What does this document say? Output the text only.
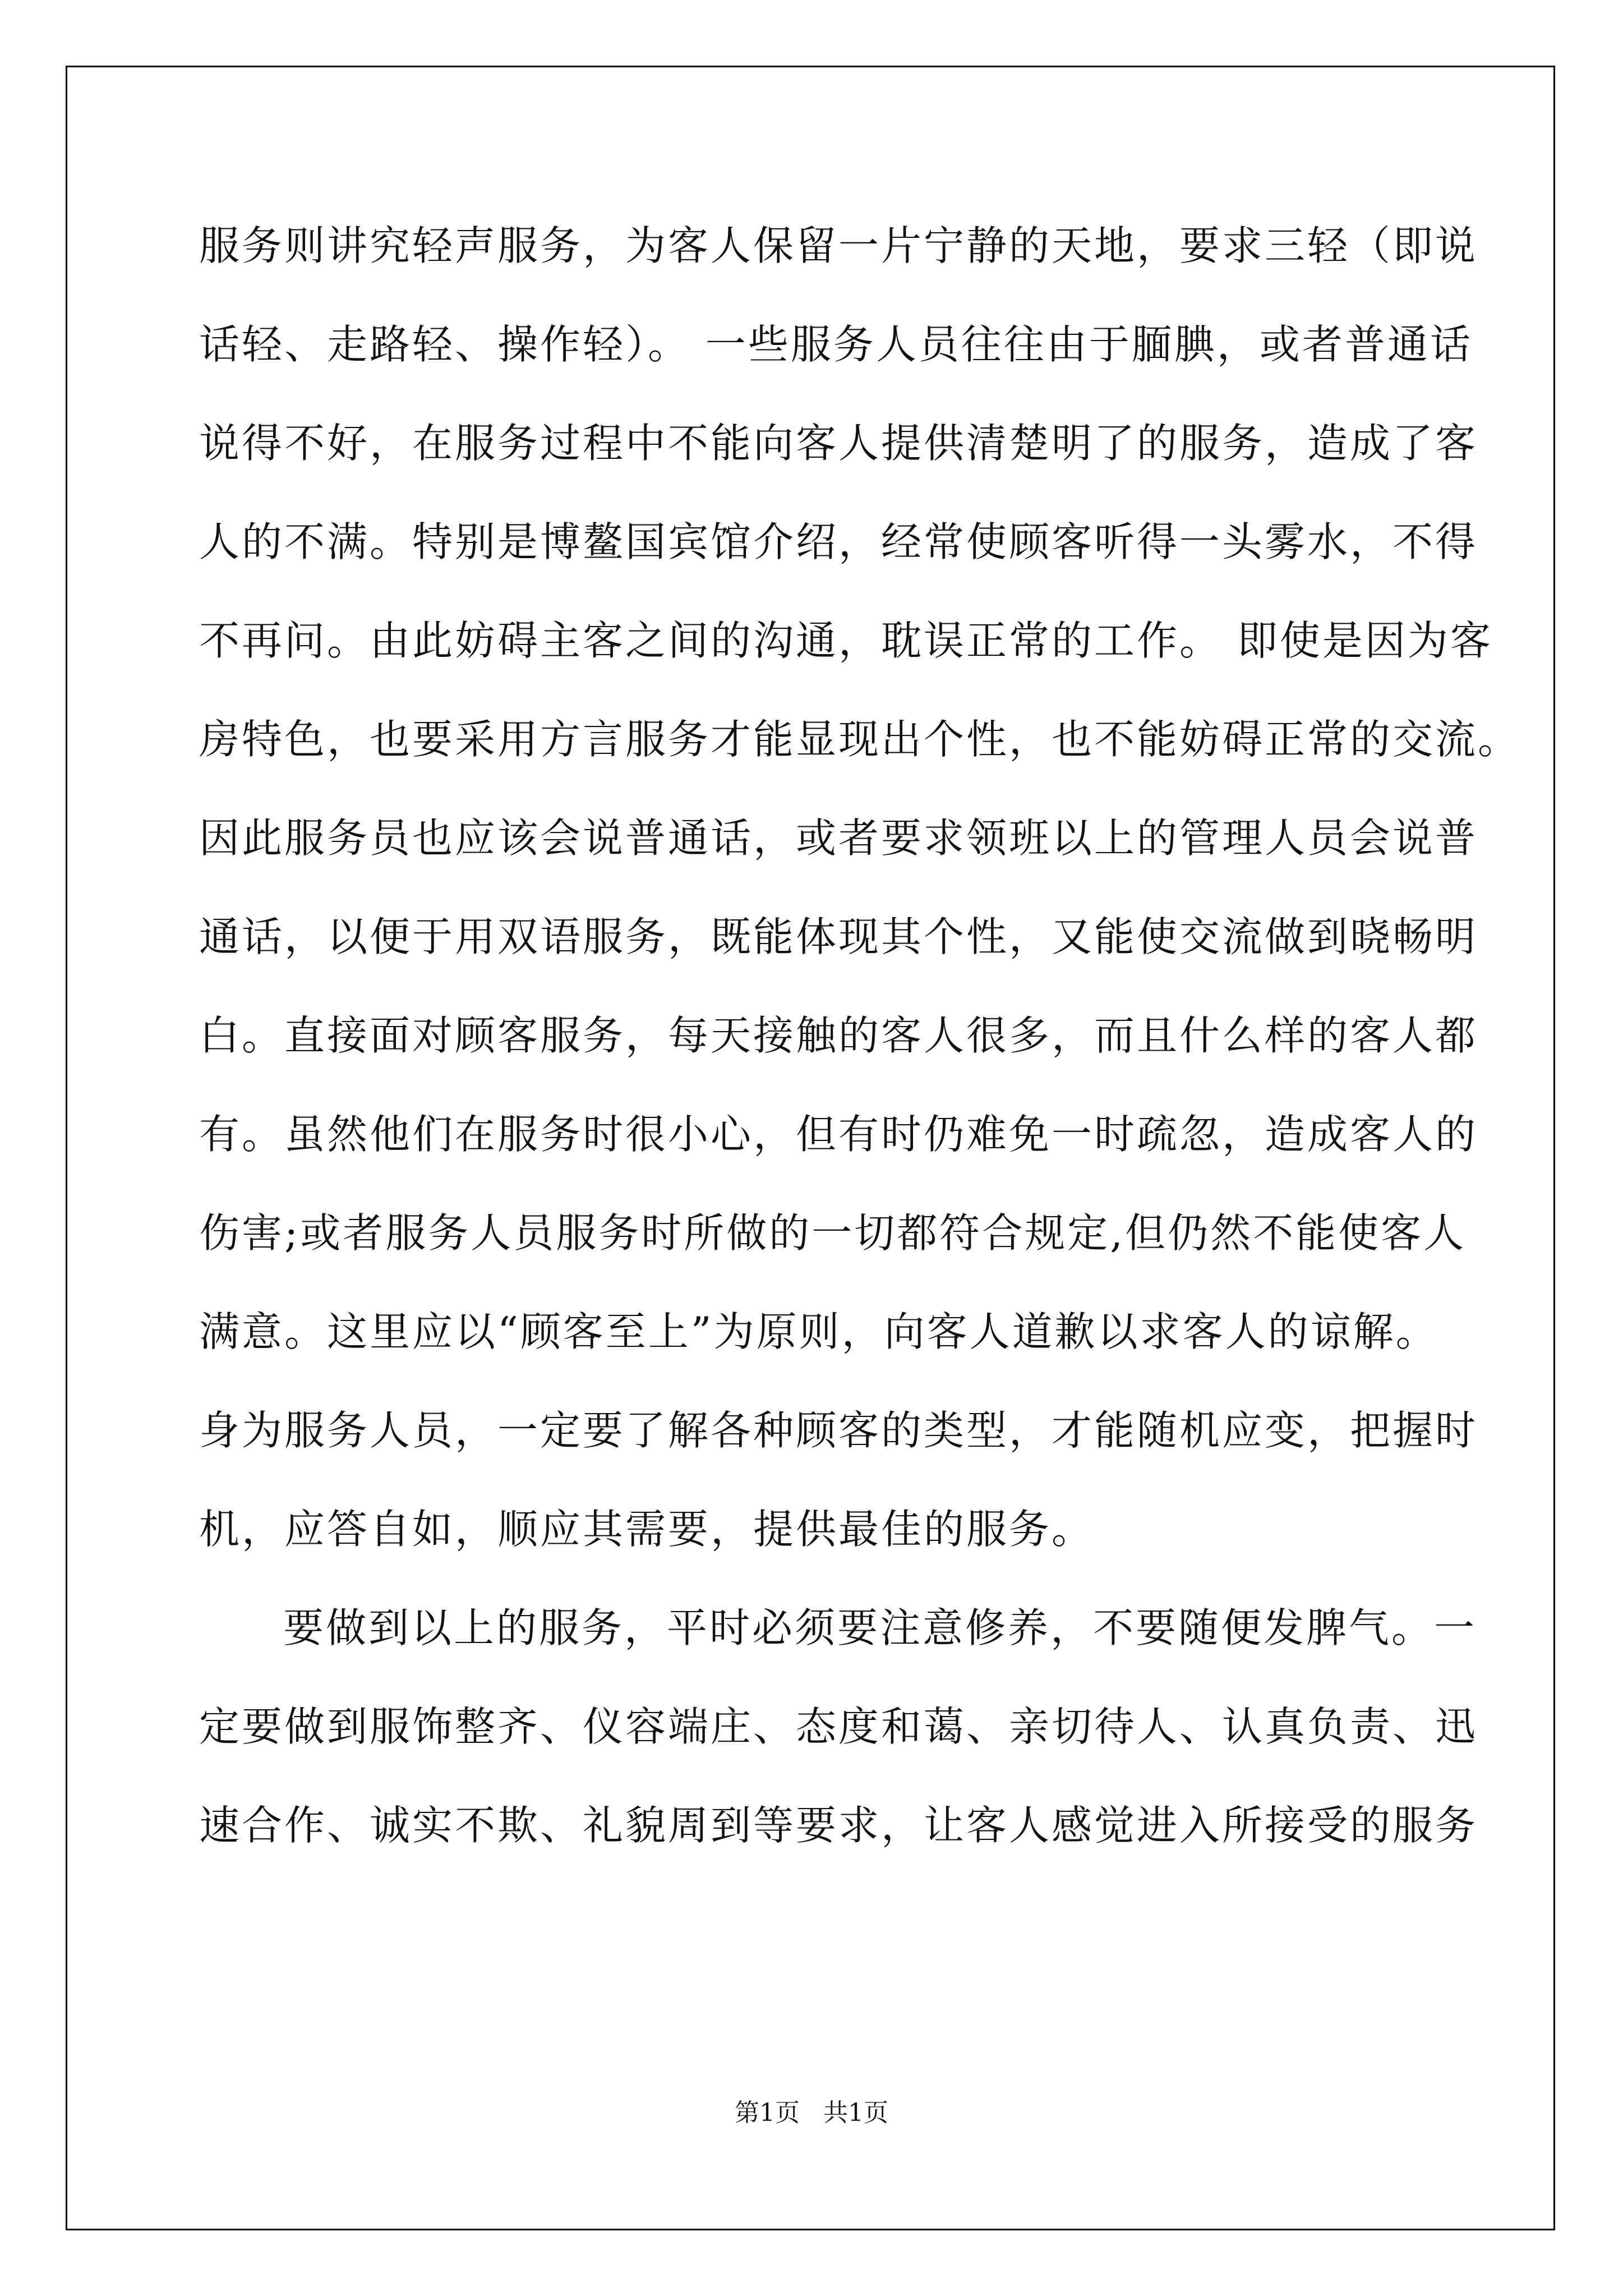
服务则讲究轻声服务，为客人保留一片宁静的天地，要求三轻（即说
话轻、走路轻、操作轻）。 一些服务人员往往由于腼腆，或者普通话
说得不好，在服务过程中不能向客人提供清楚明了的服务，造成了客
人的不满。特别是博鳌国宾馆介绍，经常使顾客听得一头雾水，不得
不再问。由此妨碍主客之间的沟通，耽误正常的工作。 即使是因为客
房特色，也要采用方言服务才能显现出个性，也不能妨碍正常的交流。
因此服务员也应该会说普通话，或者要求领班以上的管理人员会说普
通话，以便于用双语服务，既能体现其个性，又能使交流做到晓畅明
白。直接面对顾客服务，每天接触的客人很多，而且什么样的客人都
有。虽然他们在服务时很小心，但有时仍难免一时疏忽，造成客人的
伤害;或者服务人员服务时所做的一切都符合规定,但仍然不能使客人
满意。这里应以“顾客至上”为原则，向客人道歉以求客人的谅解。
身为服务人员，一定要了解各种顾客的类型，才能随机应变，把握时
机，应答自如，顺应其需要，提供最佳的服务。
要做到以上的服务，平时必须要注意修养，不要随便发脾气。一
定要做到服饰整齐、仪容端庄、态度和蔼、亲切待人、认真负责、迅
速合作、诚实不欺、礼貌周到等要求，让客人感觉进入所接受的服务
第1页   共1页
